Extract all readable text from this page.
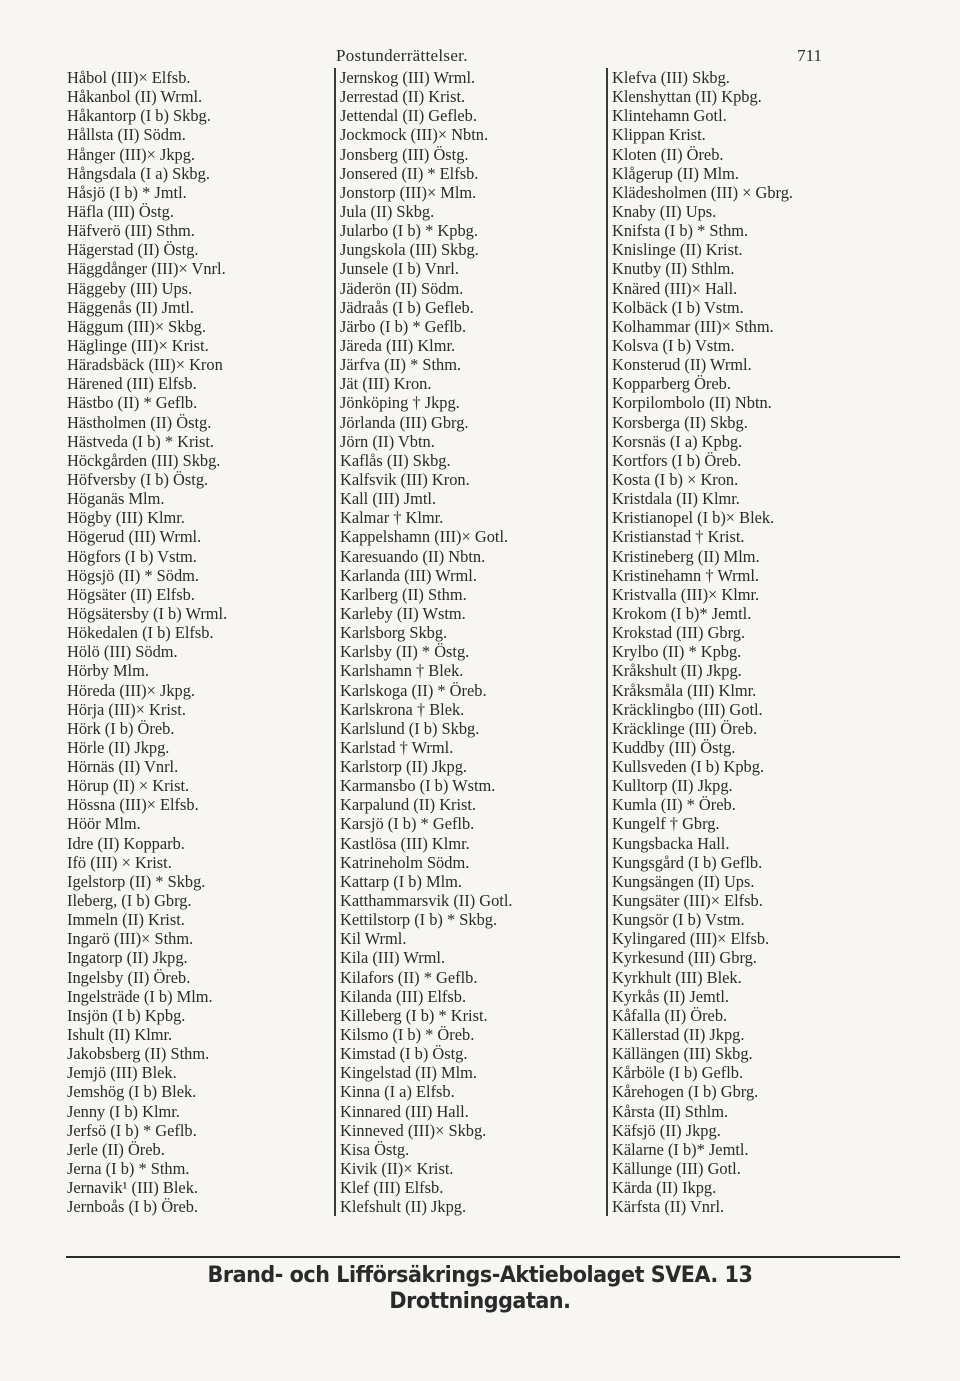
Postunderrättelser.	711
Håbol (III)× Elfsb.
Håkanbol (II) Wrml.
Håkantorp (I b) Skbg.
Hållsta (II) Södm.
Hånger (III)× Jkpg.
Hångsdala (I a) Skbg.
Håsjö (I b) * Jmtl.
Häfla (III) Östg.
Häfverö (III) Sthm.
Hägerstad (II) Östg.
Häggdånger (III)× Vnrl.
Häggeby (III) Ups.
Häggenås (II) Jmtl.
Häggum (III)× Skbg.
Häglinge (III)× Krist.
Häradsbäck (III)× Kron
Härened (III) Elfsb.
Hästbo (II) * Geflb.
Hästholmen (II) Östg.
Hästveda (I b) * Krist.
Höckgården (III) Skbg.
Höfversby (I b) Östg.
Höganäs Mlm.
Högby (III) Klmr.
Högerud (III) Wrml.
Högfors (I b) Vstm.
Högsjö (II) * Södm.
Högsäter (II) Elfsb.
Högsätersby (I b) Wrml.
Hökedalen (I b) Elfsb.
Hölö (III) Södm.
Hörby Mlm.
Höreda (III)× Jkpg.
Hörja (III)× Krist.
Hörk (I b) Öreb.
Hörle (II) Jkpg.
Hörnäs (II) Vnrl.
Hörup (II) × Krist.
Hössna (III)× Elfsb.
Höör Mlm.
Idre (II) Kopparb.
Ifö (III) × Krist.
Igelstorp (II) * Skbg.
Ileberg, (I b) Gbrg.
Immeln (II) Krist.
Ingarö (III)× Sthm.
Ingatorp (II) Jkpg.
Ingelsby (II) Öreb.
Ingelsträde (I b) Mlm.
Insjön (I b) Kpbg.
Ishult (II) Klmr.
Jakobsberg (II) Sthm.
Jemjö (III) Blek.
Jemshög (I b) Blek.
Jenny (I b) Klmr.
Jerfsö (I b) * Geflb.
Jerle (II) Öreb.
Jerna (I b) * Sthm.
Jernavik¹ (III) Blek.
Jernboås (I b) Öreb.
Jernskog (III) Wrml.
Jerrestad (II) Krist.
Jettendal (II) Gefleb.
Jockmock (III)× Nbtn.
Jonsberg (III) Östg.
Jonsered (II) * Elfsb.
Jonstorp (III)× Mlm.
Jula (II) Skbg.
Jularbo (I b) * Kpbg.
Jungskola (III) Skbg.
Junsele (I b) Vnrl.
Jäderön (II) Södm.
Jädraås (I b) Gefleb.
Järbo (I b) * Geflb.
Järeda (III) Klmr.
Järfva (II) * Sthm.
Jät (III) Kron.
Jönköping † Jkpg.
Jörlanda (III) Gbrg.
Jörn (II) Vbtn.
Kaflås (II) Skbg.
Kalfsvik (III) Kron.
Kall (III) Jmtl.
Kalmar † Klmr.
Kappelshamn (III)× Gotl.
Karesuando (II) Nbtn.
Karlanda (III) Wrml.
Karlberg (II) Sthm.
Karleby (II) Wstm.
Karlsborg Skbg.
Karlsby (II) * Östg.
Karlshamn † Blek.
Karlskoga (II) * Öreb.
Karlskrona † Blek.
Karlslund (I b) Skbg.
Karlstad † Wrml.
Karlstorp (II) Jkpg.
Karmansbo (I b) Wstm.
Karpalund (II) Krist.
Karsjö (I b) * Geflb.
Kastlösa (III) Klmr.
Katrineholm Södm.
Kattarp (I b) Mlm.
Katthammarsvik (II) Gotl.
Kettilstorp (I b) * Skbg.
Kil Wrml.
Kila (III) Wrml.
Kilafors (II) * Geflb.
Kilanda (III) Elfsb.
Killeberg (I b) * Krist.
Kilsmo (I b) * Öreb.
Kimstad (I b) Östg.
Kingelstad (II) Mlm.
Kinna (I a) Elfsb.
Kinnared (III) Hall.
Kinneved (III)× Skbg.
Kisa Östg.
Kivik (II)× Krist.
Klef (III) Elfsb.
Klefshult (II) Jkpg.
Klefva (III) Skbg.
Klenshyttan (II) Kpbg.
Klintehamn Gotl.
Klippan Krist.
Kloten (II) Öreb.
Klågerup (II) Mlm.
Klädesholmen (III) × Gbrg.
Knaby (II) Ups.
Knifsta (I b) * Sthm.
Knislinge (II) Krist.
Knutby (II) Sthlm.
Knäred (III)× Hall.
Kolbäck (I b) Vstm.
Kolhammar (III)× Sthm.
Kolsva (I b) Vstm.
Konsterud (II) Wrml.
Kopparberg Öreb.
Korpilombolo (II) Nbtn.
Korsberga (II) Skbg.
Korsnäs (I a) Kpbg.
Kortfors (I b) Öreb.
Kosta (I b) × Kron.
Kristdala (II) Klmr.
Kristianopel (I b)× Blek.
Kristianstad † Krist.
Kristineberg (II) Mlm.
Kristinehamn † Wrml.
Kristvalla (III)× Klmr.
Krokom (I b)* Jemtl.
Krokstad (III) Gbrg.
Krylbo (II) * Kpbg.
Kråkshult (II) Jkpg.
Kråksmåla (III) Klmr.
Kräcklingbo (III) Gotl.
Kräcklinge (III) Öreb.
Kuddby (III) Östg.
Kullsveden (I b) Kpbg.
Kulltorp (II) Jkpg.
Kumla (II) * Öreb.
Kungelf † Gbrg.
Kungsbacka Hall.
Kungsgård (I b) Geflb.
Kungsängen (II) Ups.
Kungsäter (III)× Elfsb.
Kungsör (I b) Vstm.
Kylingared (III)× Elfsb.
Kyrkesund (III) Gbrg.
Kyrkhult (III) Blek.
Kyrkås (II) Jemtl.
Kåfalla (II) Öreb.
Källerstad (II) Jkpg.
Källängen (III) Skbg.
Kårböle (I b) Geflb.
Kårehogen (I b) Gbrg.
Kårsta (II) Sthlm.
Käfsjö (II) Jkpg.
Kälarne (I b)* Jemtl.
Källunge (III) Gotl.
Kärda (II) Ikpg.
Kärfsta (II) Vnrl.
Brand- och Lifförsäkrings-Aktiebolaget SVEA. 13 Drottninggatan.
